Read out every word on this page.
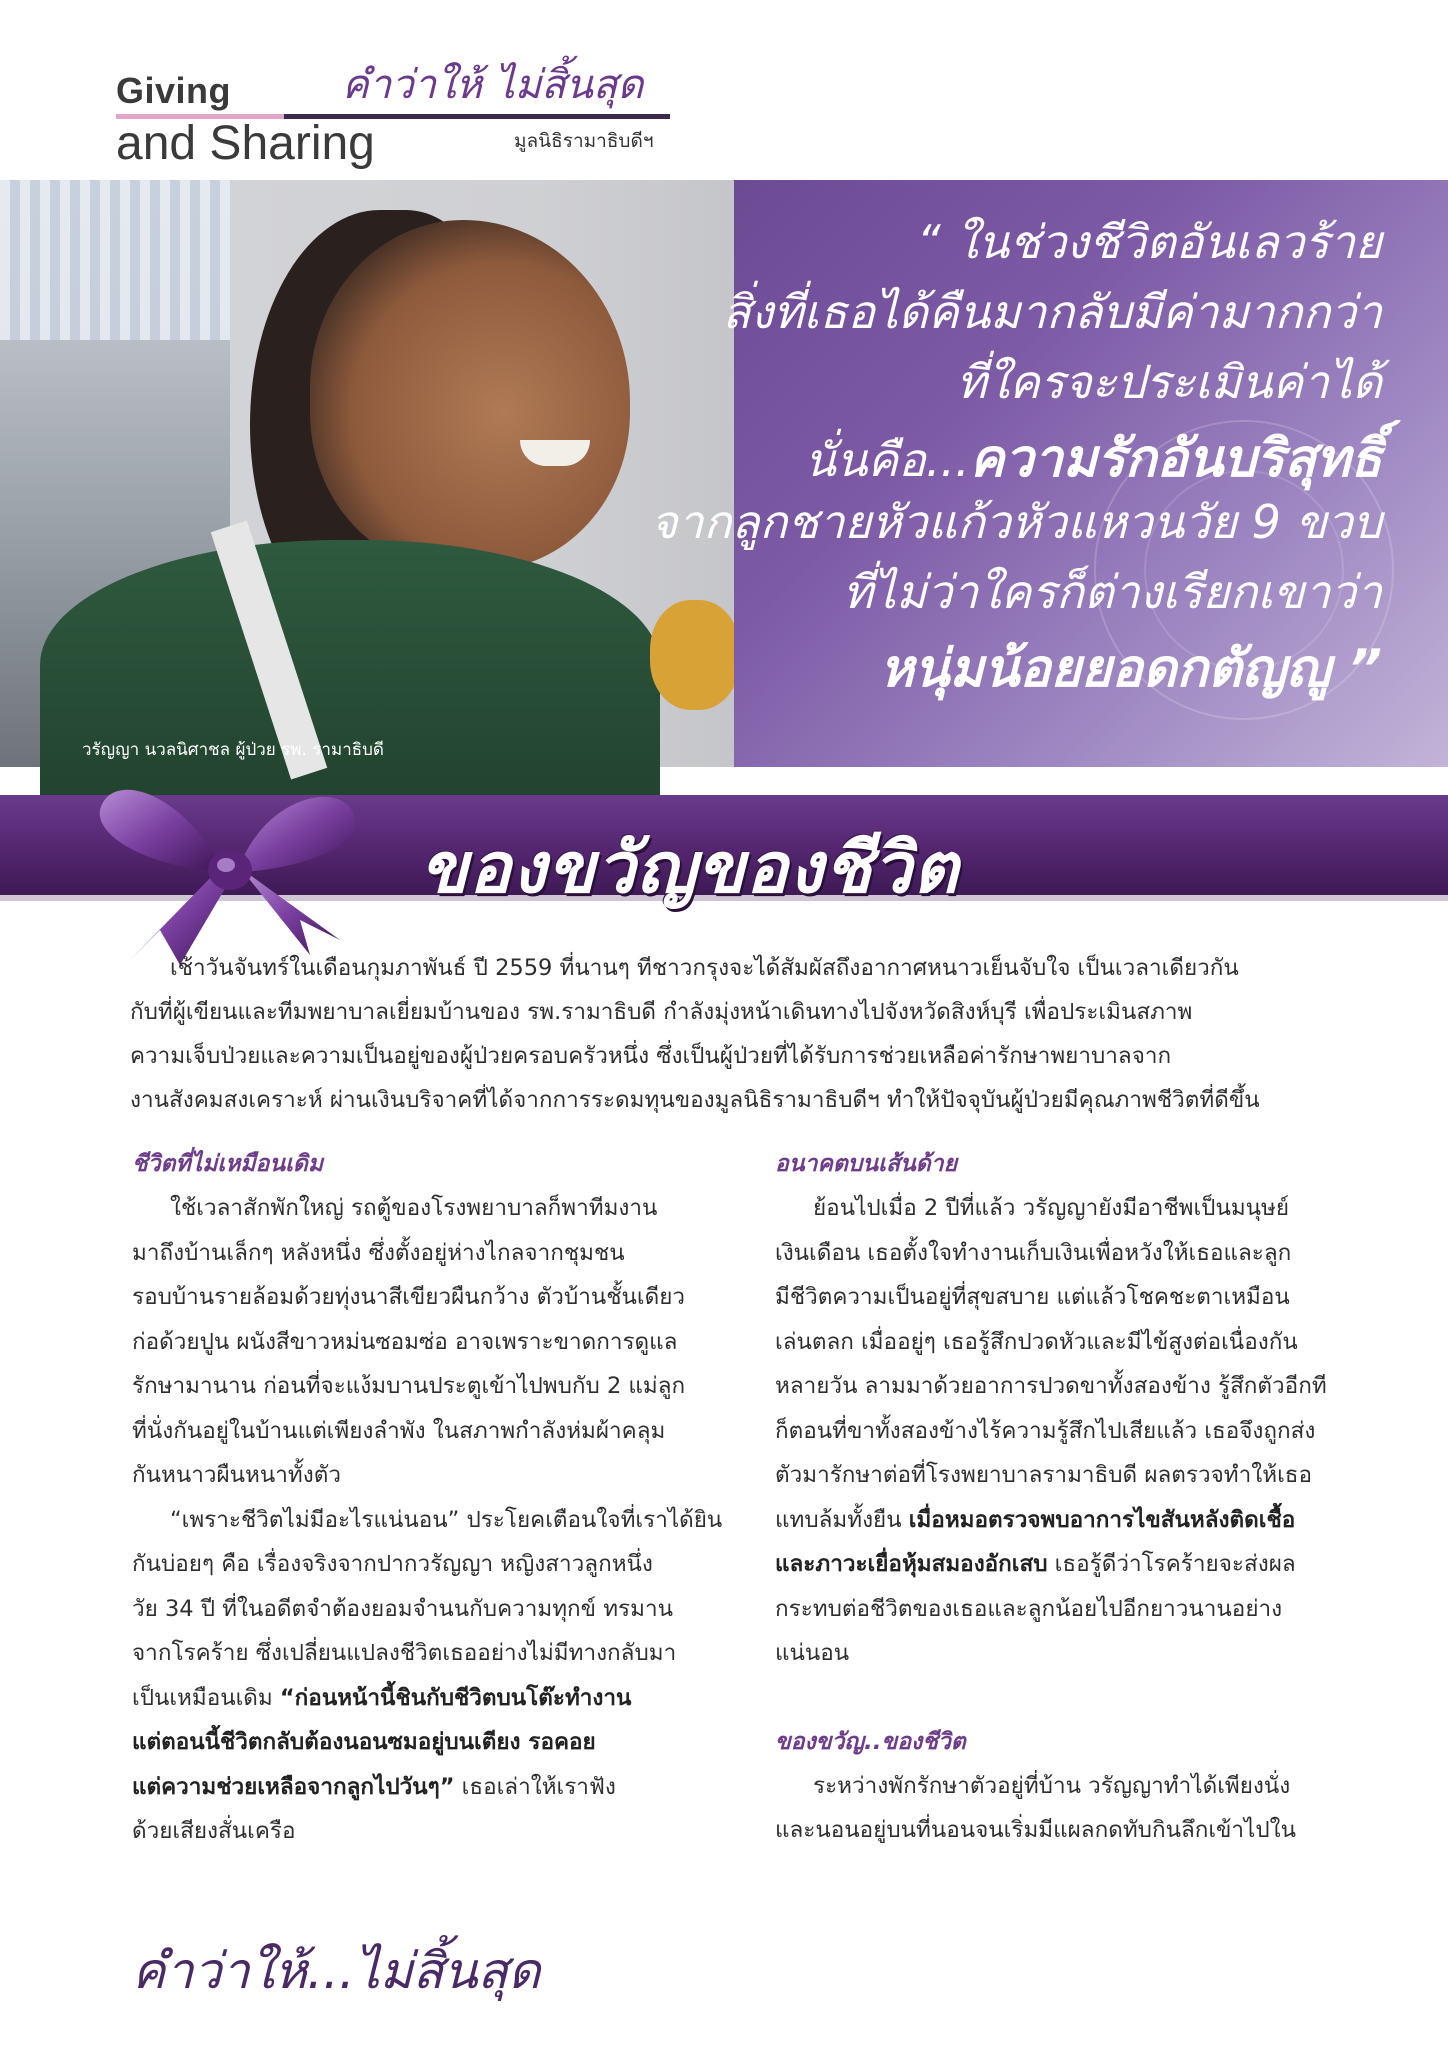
Giving	คำว่าให้ ไม่สิ้นสุด
and Sharing	มูลนิธิรามาธิบดีฯ
วรัญญา นวลนิศาชล ผู้ป่วย รพ. รามาธิบดี
“ ในช่วงชีวิตอันเลวร้าย
สิ่งที่เธอได้คืนมากลับมีค่ามากกว่า
ที่ใครจะประเมินค่าได้
นั่นคือ...ความรักอันบริสุทธิ์
จากลูกชายหัวแก้วหัวแหวนวัย 9 ขวบ
ที่ไม่ว่าใครก็ต่างเรียกเขาว่า
หนุ่มน้อยยอดกตัญญู ”
ของขวัญของชีวิต
เช้าวันจันทร์ในเดือนกุมภาพันธ์ ปี 2559 ที่นานๆ ทีชาวกรุงจะได้สัมผัสถึงอากาศหนาวเย็นจับใจ เป็นเวลาเดียวกัน
กับที่ผู้เขียนและทีมพยาบาลเยี่ยมบ้านของ รพ.รามาธิบดี กำลังมุ่งหน้าเดินทางไปจังหวัดสิงห์บุรี เพื่อประเมินสภาพ
ความเจ็บป่วยและความเป็นอยู่ของผู้ป่วยครอบครัวหนึ่ง ซึ่งเป็นผู้ป่วยที่ได้รับการช่วยเหลือค่ารักษาพยาบาลจาก
งานสังคมสงเคราะห์ ผ่านเงินบริจาคที่ได้จากการระดมทุนของมูลนิธิรามาธิบดีฯ ทำให้ปัจจุบันผู้ป่วยมีคุณภาพชีวิตที่ดีขึ้น
ชีวิตที่ไม่เหมือนเดิม
ใช้เวลาสักพักใหญ่ รถตู้ของโรงพยาบาลก็พาทีมงาน
มาถึงบ้านเล็กๆ หลังหนึ่ง ซึ่งตั้งอยู่ห่างไกลจากชุมชน
รอบบ้านรายล้อมด้วยทุ่งนาสีเขียวผืนกว้าง ตัวบ้านชั้นเดียว
ก่อด้วยปูน ผนังสีขาวหม่นซอมซ่อ อาจเพราะขาดการดูแล
รักษามานาน ก่อนที่จะแง้มบานประตูเข้าไปพบกับ 2 แม่ลูก
ที่นั่งกันอยู่ในบ้านแต่เพียงลำพัง ในสภาพกำลังห่มผ้าคลุม
กันหนาวผืนหนาทั้งตัว
“เพราะชีวิตไม่มีอะไรแน่นอน” ประโยคเตือนใจที่เราได้ยิน
กันบ่อยๆ คือ เรื่องจริงจากปากวรัญญา หญิงสาวลูกหนึ่ง
วัย 34 ปี ที่ในอดีตจำต้องยอมจำนนกับความทุกข์ ทรมาน
จากโรคร้าย ซึ่งเปลี่ยนแปลงชีวิตเธออย่างไม่มีทางกลับมา
เป็นเหมือนเดิม “ก่อนหน้านี้ชินกับชีวิตบนโต๊ะทำงาน
แต่ตอนนี้ชีวิตกลับต้องนอนซมอยู่บนเตียง รอคอย
แต่ความช่วยเหลือจากลูกไปวันๆ” เธอเล่าให้เราฟัง
ด้วยเสียงสั่นเครือ
อนาคตบนเส้นด้าย
ย้อนไปเมื่อ 2 ปีที่แล้ว วรัญญายังมีอาชีพเป็นมนุษย์
เงินเดือน เธอตั้งใจทำงานเก็บเงินเพื่อหวังให้เธอและลูก
มีชีวิตความเป็นอยู่ที่สุขสบาย แต่แล้วโชคชะตาเหมือน
เล่นตลก เมื่ออยู่ๆ เธอรู้สึกปวดหัวและมีไข้สูงต่อเนื่องกัน
หลายวัน ลามมาด้วยอาการปวดขาทั้งสองข้าง รู้สึกตัวอีกที
ก็ตอนที่ขาทั้งสองข้างไร้ความรู้สึกไปเสียแล้ว เธอจึงถูกส่ง
ตัวมารักษาต่อที่โรงพยาบาลรามาธิบดี ผลตรวจทำให้เธอ
แทบล้มทั้งยืน เมื่อหมอตรวจพบอาการไขสันหลังติดเชื้อ
และภาวะเยื่อหุ้มสมองอักเสบ เธอรู้ดีว่าโรคร้ายจะส่งผล
กระทบต่อชีวิตของเธอและลูกน้อยไปอีกยาวนานอย่าง
แน่นอน
ของขวัญ..ของชีวิต
ระหว่างพักรักษาตัวอยู่ที่บ้าน วรัญญาทำได้เพียงนั่ง
และนอนอยู่บนที่นอนจนเริ่มมีแผลกดทับกินลึกเข้าไปใน
คำว่าให้...ไม่สิ้นสุด
